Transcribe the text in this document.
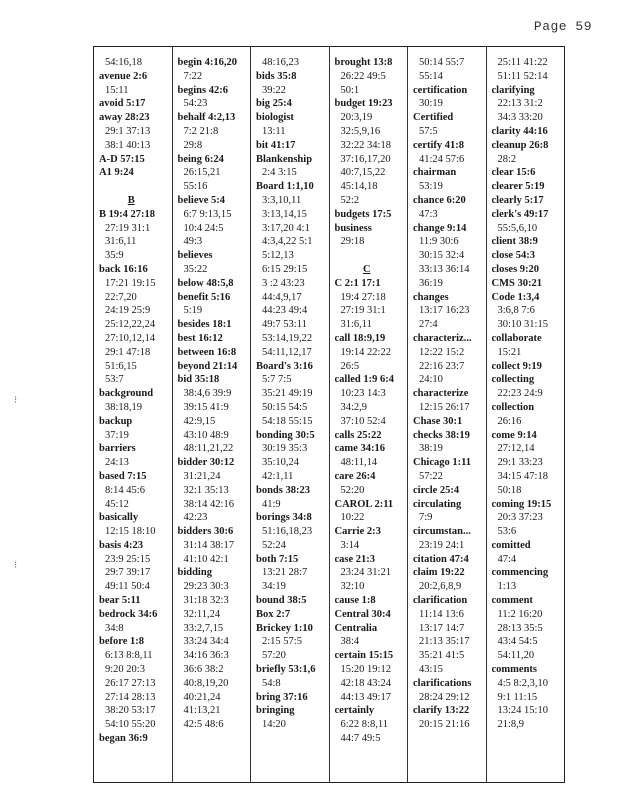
Page 59
⁝
⁝
54:16,18
avenue 2:6
15:11
avoid 5:17
away 28:23
29:1 37:13
38:1 40:13
A-D 57:15
A1 9:24
B
B 19:4 27:18
27:19 31:1
31:6,11
35:9
back 16:16
17:21 19:15
22:7,20
24:19 25:9
25:12,22,24
27:10,12,14
29:1 47:18
51:6,15
53:7
background
38:18,19
backup
37:19
barriers
24:13
based 7:15
8:14 45:6
45:12
basically
12:15 18:10
basis 4:23
23:9 25:15
29:7 39:17
49:11 50:4
bear 5:11
bedrock 34:6
34:8
before 1:8
6:13 8:8,11
9:20 20:3
26:17 27:13
27:14 28:13
38:20 53:17
54:10 55:20
began 36:9
begin 4:16,20
7:22
begins 42:6
54:23
behalf 4:2,13
7:2 21:8
29:8
being 6:24
26:15,21
55:16
believe 5:4
6:7 9:13,15
10:4 24:5
49:3
believes
35:22
below 48:5,8
benefit 5:16
5:19
besides 18:1
best 16:12
between 16:8
beyond 21:14
bid 35:18
38:4,6 39:9
39:15 41:9
42:9,15
43:10 48:9
48:11,21,22
bidder 30:12
31:21,24
32:1 35:13
38:14 42:16
42:23
bidders 30:6
31:14 38:17
41:10 42:1
bidding
29:23 30:3
31:18 32:3
32:11,24
33:2,7,15
33:24 34:4
34:16 36:3
36:6 38:2
40:8,19,20
40:21,24
41:13,21
42:5 48:6
48:16,23
bids 35:8
39:22
big 25:4
biologist
13:11
bit 41:17
Blankenship
2:4 3:15
Board 1:1,10
3:3,10,11
3:13,14,15
3:17,20 4:1
4:3,4,22 5:1
5:12,13
6:15 29:15
3 :2 43:23
44:4,9,17
44:23 49:4
49:7 53:11
53:14,19,22
54:11,12,17
Board's 3:16
5:7 7:5
35:21 49:19
50:15 54:5
54:18 55:15
bonding 30:5
30:19 35:3
35:10,24
42:1,11
bonds 38:23
41:9
borings 34:8
51:16,18,23
52:24
both 7:15
13:21 28:7
34:19
bound 38:5
Box 2:7
Brickey 1:10
2:15 57:5
57:20
briefly 53:1,6
54:8
bring 37:16
bringing
14:20
brought 13:8
26:22 49:5
50:1
budget 19:23
20:3,19
32:5,9,16
32:22 34:18
37:16,17,20
40:7,15,22
45:14,18
52:2
budgets 17:5
business
29:18
C
C 2:1 17:1
19:4 27:18
27:19 31:1
31:6,11
call 18:9,19
19:14 22:22
26:5
called 1:9 6:4
10:23 14:3
34:2,9
37:10 52:4
calls 25:22
came 34:16
48:11,14
care 26:4
52:20
CAROL 2:11
10:22
Carrie 2:3
3:14
case 21:3
23:24 31:21
32:10
cause 1:8
Central 30:4
Centralia
38:4
certain 15:15
15:20 19:12
42:18 43:24
44:13 49:17
certainly
6:22 8:8,11
44:7 49:5
50:14 55:7
55:14
certification
30:19
Certified
57:5
certify 41:8
41:24 57:6
chairman
53:19
chance 6:20
47:3
change 9:14
11:9 30:6
30:15 32:4
33:13 36:14
36:19
changes
13:17 16:23
27:4
characteriz...
12:22 15:2
22:16 23:7
24:10
characterize
12:15 26:17
Chase 30:1
checks 38:19
38:19
Chicago 1:11
57:22
circle 25:4
circulating
7:9
circumstan...
23:19 24:1
citation 47:4
claim 19:22
20:2,6,8,9
clarification
11:14 13:6
13:17 14:7
21:13 35:17
35:21 41:5
43:15
clarifications
28:24 29:12
clarify 13:22
20:15 21:16
25:11 41:22
51:11 52:14
clarifying
22:13 31:2
34:3 33:20
clarity 44:16
cleanup 26:8
28:2
clear 15:6
clearer 5:19
clearly 5:17
clerk's 49:17
55:5,6,10
client 38:9
close 54:3
closes 9:20
CMS 30:21
Code 1:3,4
3:6,8 7:6
30:10 31:15
collaborate
15:21
collect 9:19
collecting
22:23 24:9
collection
26:16
come 9:14
27:12,14
29:1 33:23
34:15 47:18
50:18
coming 19:15
20:3 37:23
53:6
comitted
47:4
commencing
1:13
comment
11:2 16:20
28:13 35:5
43:4 54:5
54:11,20
comments
4:5 8:2,3,10
9:1 11:15
13:24 15:10
21:8,9
